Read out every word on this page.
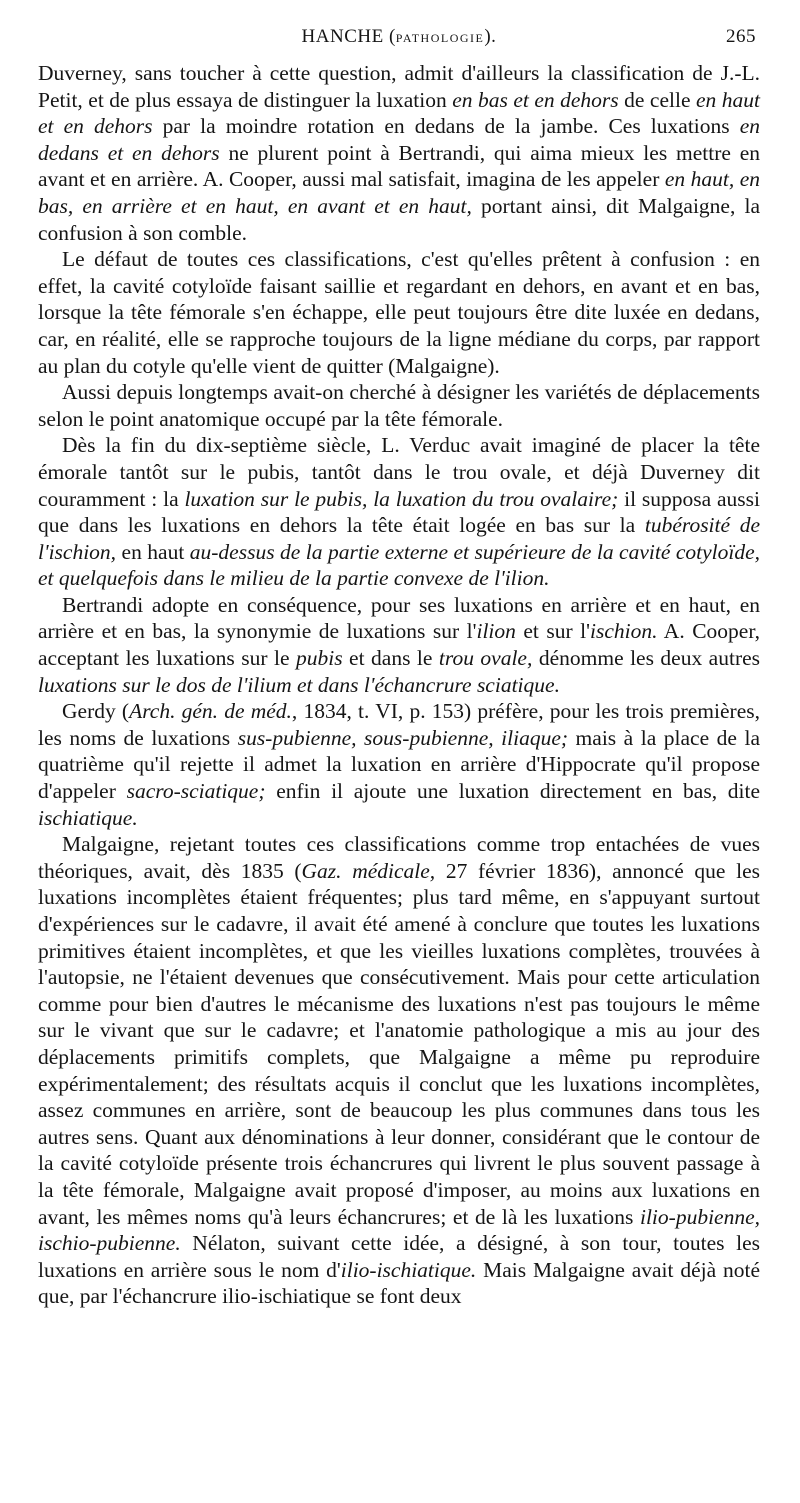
HANCHE (PATHOLOGIE).	265

Duverney, sans toucher à cette question, admit d'ailleurs la classification de J.-L. Petit, et de plus essaya de distinguer la luxation en bas et en dehors de celle en haut et en dehors par la moindre rotation en dedans de la jambe. Ces luxations en dedans et en dehors ne plurent point à Bertrandi, qui aima mieux les mettre en avant et en arrière. A. Cooper, aussi mal satisfait, imagina de les appeler en haut, en bas, en arrière et en haut, en avant et en haut, portant ainsi, dit Malgaigne, la confusion à son comble.

Le défaut de toutes ces classifications, c'est qu'elles prêtent à confusion : en effet, la cavité cotyloïde faisant saillie et regardant en dehors, en avant et en bas, lorsque la tête fémorale s'en échappe, elle peut toujours être dite luxée en dedans, car, en réalité, elle se rapproche toujours de la ligne médiane du corps, par rapport au plan du cotyle qu'elle vient de quitter (Malgaigne).

Aussi depuis longtemps avait-on cherché à désigner les variétés de déplacements selon le point anatomique occupé par la tête fémorale.

Dès la fin du dix-septième siècle, L. Verduc avait imaginé de placer la tête émorale tantôt sur le pubis, tantôt dans le trou ovale, et déjà Duverney dit couramment : la luxation sur le pubis, la luxation du trou ovalaire; il supposa aussi que dans les luxations en dehors la tête était logée en bas sur la tubérosité de l'ischion, en haut au-dessus de la partie externe et supérieure de la cavité cotyloïde, et quelquefois dans le milieu de la partie convexe de l'ilion.

Bertrandi adopte en conséquence, pour ses luxations en arrière et en haut, en arrière et en bas, la synonymie de luxations sur l'ilion et sur l'ischion. A. Cooper, acceptant les luxations sur le pubis et dans le trou ovale, dénomme les deux autres luxations sur le dos de l'ilium et dans l'échancrure sciatique.

Gerdy (Arch. gén. de méd., 1834, t. VI, p. 153) préfère, pour les trois premières, les noms de luxations sus-pubienne, sous-pubienne, iliaque; mais à la place de la quatrième qu'il rejette il admet la luxation en arrière d'Hippocrate qu'il propose d'appeler sacro-sciatique; enfin il ajoute une luxation directement en bas, dite ischiatique.

Malgaigne, rejetant toutes ces classifications comme trop entachées de vues théoriques, avait, dès 1835 (Gaz. médicale, 27 février 1836), annoncé que les luxations incomplètes étaient fréquentes; plus tard même, en s'appuyant surtout d'expériences sur le cadavre, il avait été amené à conclure que toutes les luxations primitives étaient incomplètes, et que les vieilles luxations complètes, trouvées à l'autopsie, ne l'étaient devenues que consécutivement. Mais pour cette articulation comme pour bien d'autres le mécanisme des luxations n'est pas toujours le même sur le vivant que sur le cadavre; et l'anatomie pathologique a mis au jour des déplacements primitifs complets, que Malgaigne a même pu reproduire expérimentalement; des résultats acquis il conclut que les luxations incomplètes, assez communes en arrière, sont de beaucoup les plus communes dans tous les autres sens. Quant aux dénominations à leur donner, considérant que le contour de la cavité cotyloïde présente trois échancrures qui livrent le plus souvent passage à la tête fémorale, Malgaigne avait proposé d'imposer, au moins aux luxations en avant, les mêmes noms qu'à leurs échancrures; et de là les luxations ilio-pubienne, ischio-pubienne. Nélaton, suivant cette idée, a désigné, à son tour, toutes les luxations en arrière sous le nom d'ilio-ischiatique. Mais Malgaigne avait déjà noté que, par l'échancrure ilio-ischiatique se font deux
